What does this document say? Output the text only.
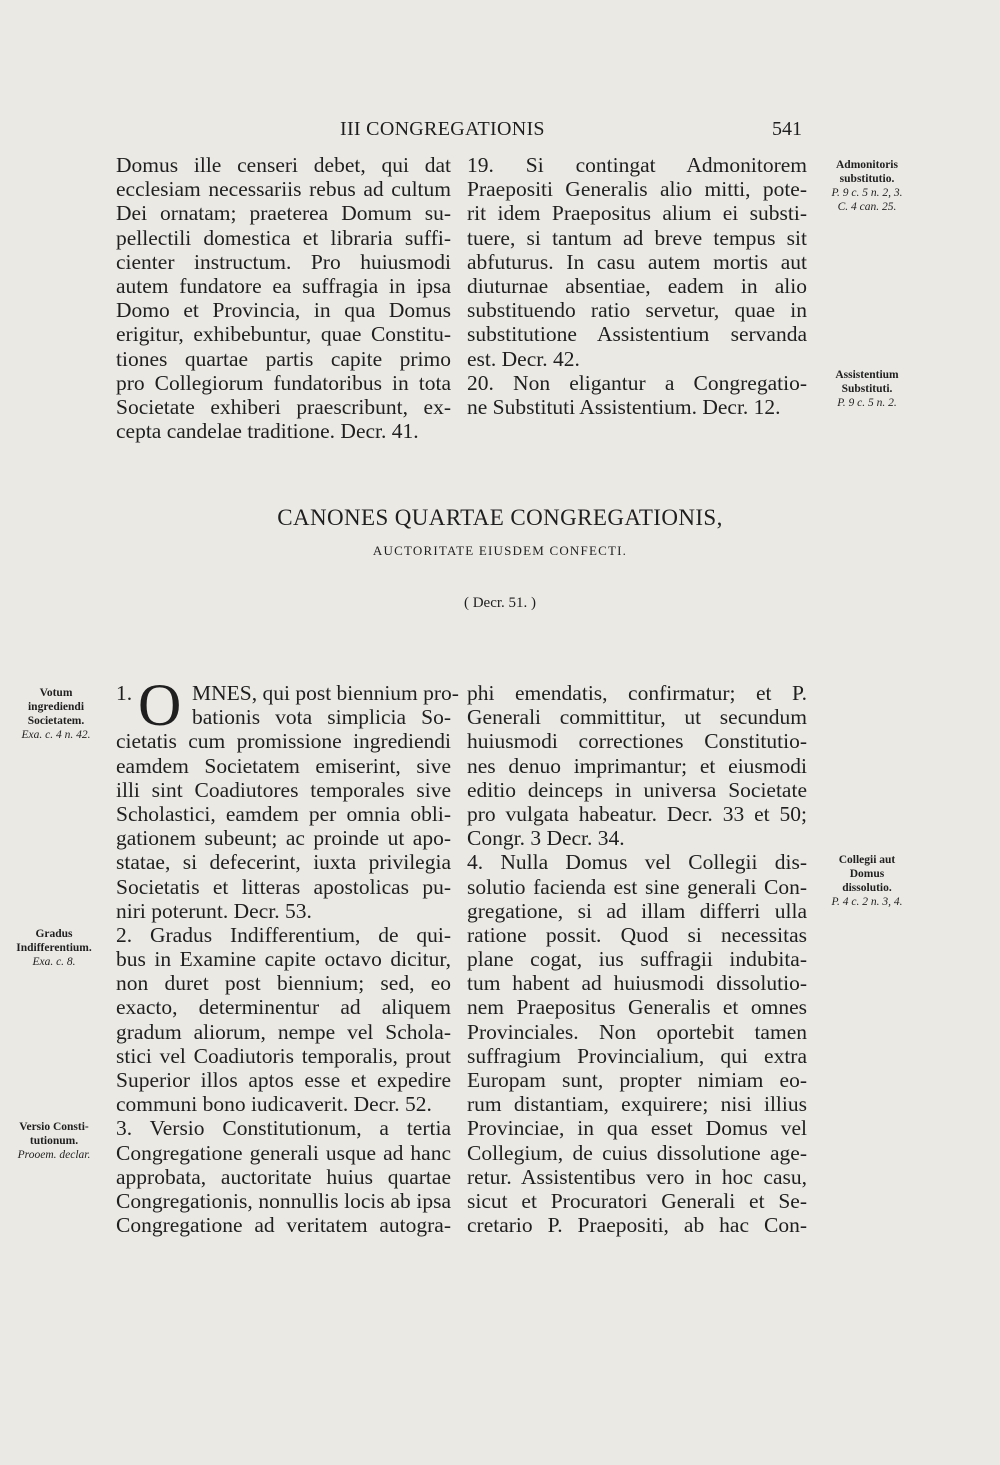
III CONGREGATIONIS	541
Domus ille censeri debet, qui dat
ecclesiam necessariis rebus ad cultum
Dei ornatam; praeterea Domum su-
pellectili domestica et libraria suffi-
cienter instructum. Pro huiusmodi
autem fundatore ea suffragia in ipsa
Domo et Provincia, in qua Domus
erigitur, exhibebuntur, quae Constitu-
tiones quartae partis capite primo
pro Collegiorum fundatoribus in tota
Societate exhiberi praescribunt, ex-
cepta candelae traditione. Decr. 41.
19. Si contingat Admonitorem
Praepositi Generalis alio mitti, pote-
rit idem Praepositus alium ei substi-
tuere, si tantum ad breve tempus sit
abfuturus. In casu autem mortis aut
diuturnae absentiae, eadem in alio
substituendo ratio servetur, quae in
substitutione Assistentium servanda
est. Decr. 42.
20. Non eligantur a Congregatio-
ne Substituti Assistentium. Decr. 12.
CANONES QUARTAE CONGREGATIONIS,
AUCTORITATE EIUSDEM CONFECTI.
( Decr. 51. )
1. O MNES, qui post biennium pro-
bationis vota simplicia So-
cietatis cum promissione ingrediendi
eamdem Societatem emiserint, sive
illi sint Coadiutores temporales sive
Scholastici, eamdem per omnia obli-
gationem subeunt; ac proinde ut apo-
statae, si defecerint, iuxta privilegia
Societatis et litteras apostolicas pu-
niri poterunt. Decr. 53.
2. Gradus Indifferentium, de qui-
bus in Examine capite octavo dicitur,
non duret post biennium; sed, eo
exacto, determinentur ad aliquem
gradum aliorum, nempe vel Schola-
stici vel Coadiutoris temporalis, prout
Superior illos aptos esse et expedire
communi bono iudicaverit. Decr. 52.
3. Versio Constitutionum, a tertia
Congregatione generali usque ad hanc
approbata, auctoritate huius quartae
Congregationis, nonnullis locis ab ipsa
Congregatione ad veritatem autogra-
phi emendatis, confirmatur; et P.
Generali committitur, ut secundum
huiusmodi correctiones Constitutio-
nes denuo imprimantur; et eiusmodi
editio deinceps in universa Societate
pro vulgata habeatur. Decr. 33 et 50;
Congr. 3 Decr. 34.
4. Nulla Domus vel Collegii dis-
solutio facienda est sine generali Con-
gregatione, si ad illam differri ulla
ratione possit. Quod si necessitas
plane cogat, ius suffragii indubita-
tum habent ad huiusmodi dissolutio-
nem Praepositus Generalis et omnes
Provinciales. Non oportebit tamen
suffragium Provincialium, qui extra
Europam sunt, propter nimiam eo-
rum distantiam, exquirere; nisi illius
Provinciae, in qua esset Domus vel
Collegium, de cuius dissolutione age-
retur. Assistentibus vero in hoc casu,
sicut et Procuratori Generali et Se-
cretario P. Praepositi, ab hac Con-
Admonitoris
substitutio.
P. 9 c. 5 n. 2, 3.
C. 4 can. 25.
Assistentium
Substituti.
P. 9 c. 5 n. 2.
Collegii aut
Domus
dissolutio.
P. 4 c. 2 n. 3, 4.
Votum
ingrediendi
Societatem.
Exa. c. 4 n. 42.
Gradus
Indifferentium.
Exa. c. 8.
Versio Consti-
tutionum.
Prooem. declar.
